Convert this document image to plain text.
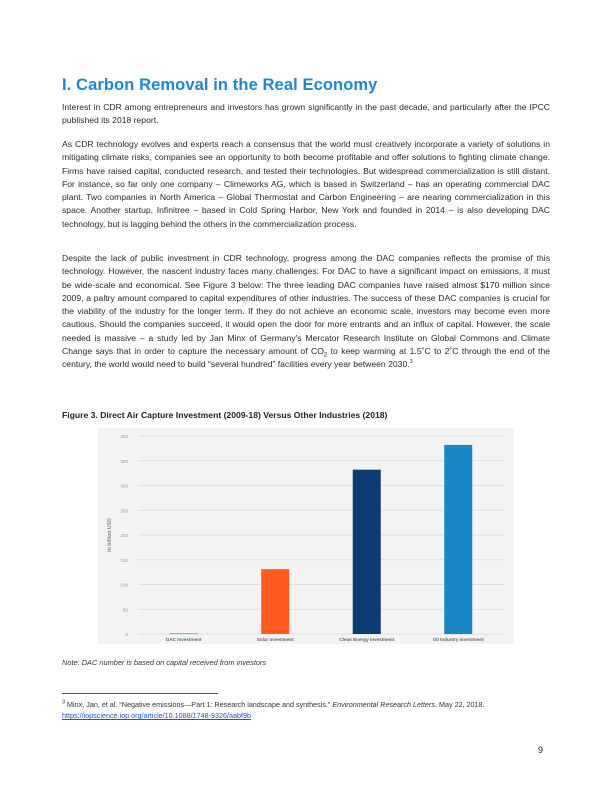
I. Carbon Removal in the Real Economy

Interest in CDR among entrepreneurs and investors has grown significantly in the past decade, and particularly after the IPCC published its 2018 report.

As CDR technology evolves and experts reach a consensus that the world must creatively incorporate a variety of solutions in mitigating climate risks, companies see an opportunity to both become profitable and offer solutions to fighting climate change. Firms have raised capital, conducted research, and tested their technologies. But widespread commercialization is still distant. For instance, so far only one company – Climeworks AG, which is based in Switzerland – has an operating commercial DAC plant. Two companies in North America – Global Thermostat and Carbon Engineering – are nearing commercialization in this space. Another startup, Infinitree – based in Cold Spring Harbor, New York and founded in 2014 – is also developing DAC technology, but is lagging behind the others in the commercialization process.

Despite the lack of public investment in CDR technology, progress among the DAC companies reflects the promise of this technology. However, the nascent industry faces many challenges: For DAC to have a significant impact on emissions, it must be wide-scale and economical. See Figure 3 below: The three leading DAC companies have raised almost $170 million since 2009, a paltry amount compared to capital expenditures of other industries. The success of these DAC companies is crucial for the viability of the industry for the longer term. If they do not achieve an economic scale, investors may become even more cautious. Should the companies succeed, it would open the door for more entrants and an influx of capital. However, the scale needed is massive – a study led by Jan Minx of Germany's Mercator Research Institute on Global Commons and Climate Change says that in order to capture the necessary amount of $CO_2$ to keep warming at 1.5˚C to 2˚C through the end of the century, the world would need to build “several hundred” facilities every year between 2030.$^3$

Figure 3. Direct Air Capture Investment (2009-18) Versus Other Industries (2018)

0
50
100
150
200
250
300
350
400
In billion USD
DAC Investment	Solar Investment	Clean Energy Investment	Oil Industry Investment

Note: DAC number is based on capital received from investors

$^3$ Minx, Jan, et al. “Negative emissions—Part 1: Research landscape and synthesis.” Environmental Research Letters. May 22, 2018. https://iopscience.iop.org/article/10.1088/1748-9326/aabf9b

9
